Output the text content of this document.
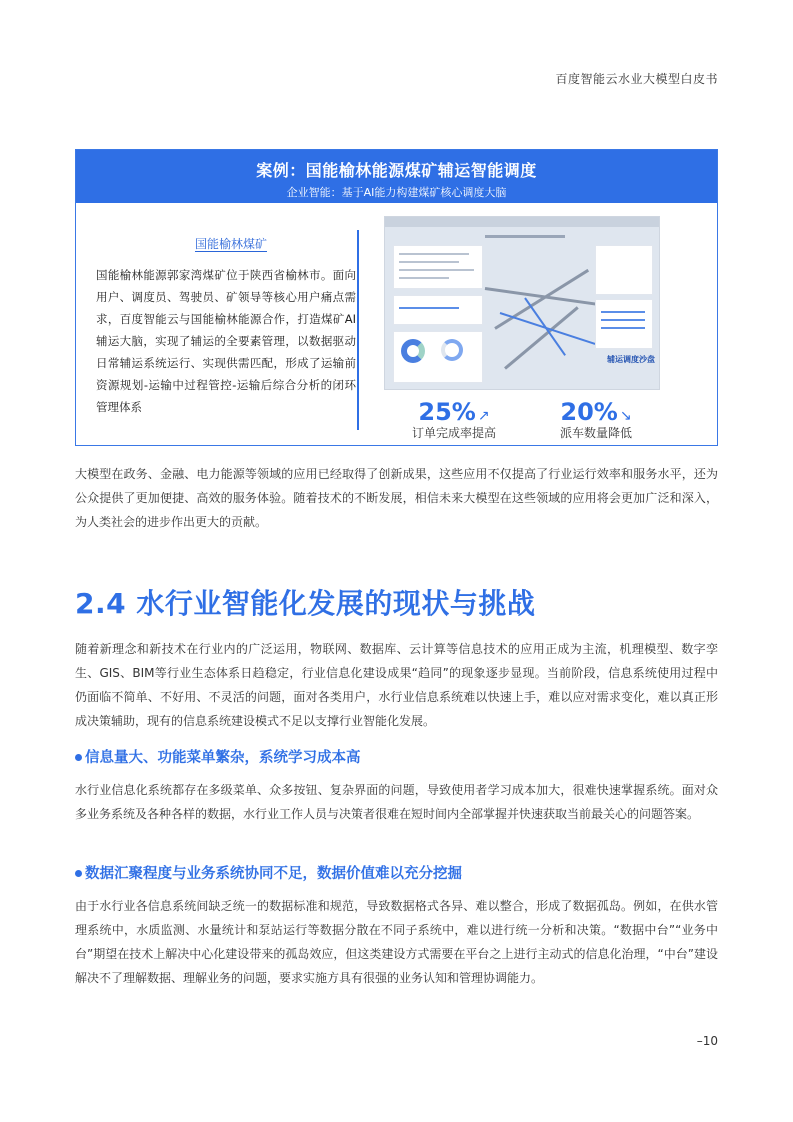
百度智能云水业大模型白皮书
案例：国能榆林能源煤矿辅运智能调度
企业智能：基于AI能力构建煤矿核心调度大脑
国能榆林煤矿
国能榆林能源郭家湾煤矿位于陕西省榆林市。面向用户、调度员、驾驶员、矿领导等核心用户痛点需求，百度智能云与国能榆林能源合作，打造煤矿AI辅运大脑，实现了辅运的全要素管理，以数据驱动日常辅运系统运行、实现供需匹配，形成了运输前资源规划-运输中过程管控-运输后综合分析的闭环管理体系
辅运调度沙盘
25% ↗
订单完成率提高
20% ↘
派车数量降低
大模型在政务、金融、电力能源等领域的应用已经取得了创新成果，这些应用不仅提高了行业运行效率和服务水平，还为公众提供了更加便捷、高效的服务体验。随着技术的不断发展，相信未来大模型在这些领域的应用将会更加广泛和深入，为人类社会的进步作出更大的贡献。
2.4 水行业智能化发展的现状与挑战
随着新理念和新技术在行业内的广泛运用，物联网、数据库、云计算等信息技术的应用正成为主流，机理模型、数字孪生、GIS、BIM等行业生态体系日趋稳定，行业信息化建设成果“趋同”的现象逐步显现。当前阶段，信息系统使用过程中仍面临不简单、不好用、不灵活的问题，面对各类用户，水行业信息系统难以快速上手，难以应对需求变化，难以真正形成决策辅助，现有的信息系统建设模式不足以支撑行业智能化发展。
信息量大、功能菜单繁杂，系统学习成本高
水行业信息化系统都存在多级菜单、众多按钮、复杂界面的问题，导致使用者学习成本加大，很难快速掌握系统。面对众多业务系统及各种各样的数据，水行业工作人员与决策者很难在短时间内全部掌握并快速获取当前最关心的问题答案。
数据汇聚程度与业务系统协同不足，数据价值难以充分挖掘
由于水行业各信息系统间缺乏统一的数据标准和规范，导致数据格式各异、难以整合，形成了数据孤岛。例如，在供水管理系统中，水质监测、水量统计和泵站运行等数据分散在不同子系统中，难以进行统一分析和决策。“数据中台”“业务中台”期望在技术上解决中心化建设带来的孤岛效应，但这类建设方式需要在平台之上进行主动式的信息化治理，“中台”建设解决不了理解数据、理解业务的问题，要求实施方具有很强的业务认知和管理协调能力。
–10
